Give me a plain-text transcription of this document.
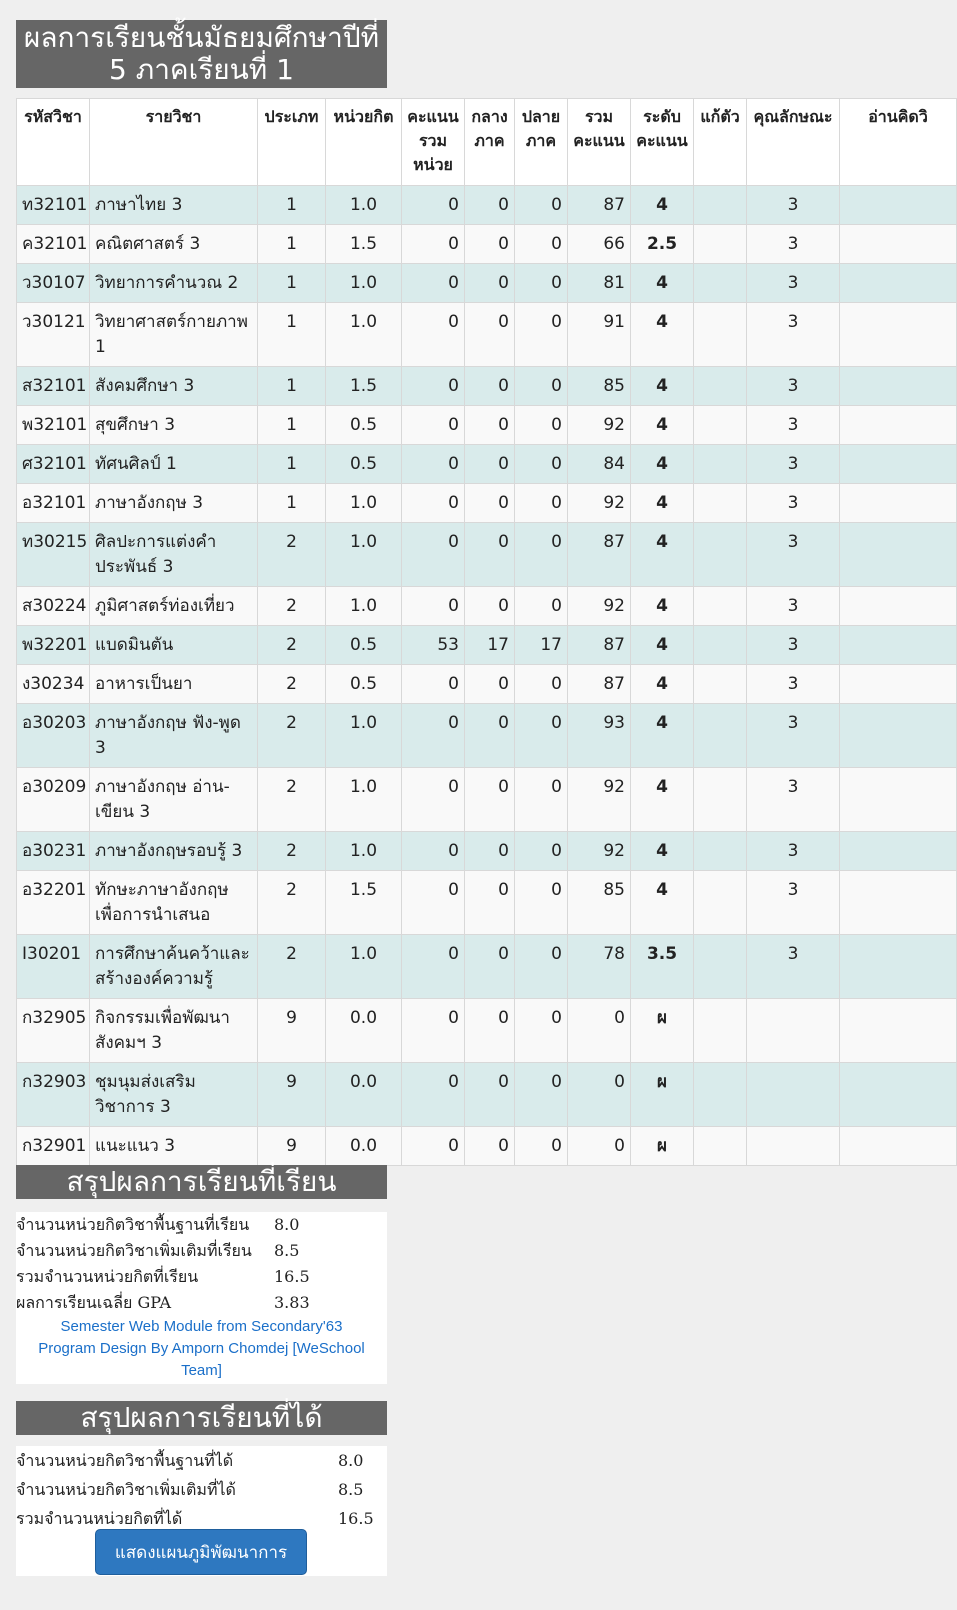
ผลการเรียนชั้นมัธยมศึกษาปีที่ 5 ภาคเรียนที่ 1
รหัสวิชา	รายวิชา	ประเภท	หน่วยกิต	คะแนนรวมหน่วย	กลางภาค	ปลายภาค	รวมคะแนน	ระดับคะแนน	แก้ตัว	คุณลักษณะ	อ่านคิดวิ
ท32101	ภาษาไทย 3	1	1.0	0	0	0	87	4		3	
ค32101	คณิตศาสตร์ 3	1	1.5	0	0	0	66	2.5		3	
ว30107	วิทยาการคำนวณ 2	1	1.0	0	0	0	81	4		3	
ว30121	วิทยาศาสตร์กายภาพ 1	1	1.0	0	0	0	91	4		3	
ส32101	สังคมศึกษา 3	1	1.5	0	0	0	85	4		3	
พ32101	สุขศึกษา 3	1	0.5	0	0	0	92	4		3	
ศ32101	ทัศนศิลป์ 1	1	0.5	0	0	0	84	4		3	
อ32101	ภาษาอังกฤษ 3	1	1.0	0	0	0	92	4		3	
ท30215	ศิลปะการแต่งคำประพันธ์ 3	2	1.0	0	0	0	87	4		3	
ส30224	ภูมิศาสตร์ท่องเที่ยว	2	1.0	0	0	0	92	4		3	
พ32201	แบดมินตัน	2	0.5	53	17	17	87	4		3	
ง30234	อาหารเป็นยา	2	0.5	0	0	0	87	4		3	
อ30203	ภาษาอังกฤษ ฟัง-พูด 3	2	1.0	0	0	0	93	4		3	
อ30209	ภาษาอังกฤษ อ่าน-เขียน 3	2	1.0	0	0	0	92	4		3	
อ30231	ภาษาอังกฤษรอบรู้ 3	2	1.0	0	0	0	92	4		3	
อ32201	ทักษะภาษาอังกฤษเพื่อการนำเสนอ	2	1.5	0	0	0	85	4		3	
I30201	การศึกษาค้นคว้าและสร้างองค์ความรู้	2	1.0	0	0	0	78	3.5		3	
ก32905	กิจกรรมเพื่อพัฒนาสังคมฯ 3	9	0.0	0	0	0	0	ผ			
ก32903	ชุมนุมส่งเสริมวิชาการ 3	9	0.0	0	0	0	0	ผ			
ก32901	แนะแนว 3	9	0.0	0	0	0	0	ผ			
สรุปผลการเรียนที่เรียน
จำนวนหน่วยกิตวิชาพื้นฐานที่เรียน	8.0
จำนวนหน่วยกิตวิชาเพิ่มเติมที่เรียน	8.5
รวมจำนวนหน่วยกิตที่เรียน	16.5
ผลการเรียนเฉลี่ย GPA	3.83
Semester Web Module from Secondary'63
Program Design By Amporn Chomdej [WeSchool Team]
สรุปผลการเรียนที่ได้
จำนวนหน่วยกิตวิชาพื้นฐานที่ได้	8.0
จำนวนหน่วยกิตวิชาเพิ่มเติมที่ได้	8.5
รวมจำนวนหน่วยกิตที่ได้	16.5
แสดงแผนภูมิพัฒนาการ
